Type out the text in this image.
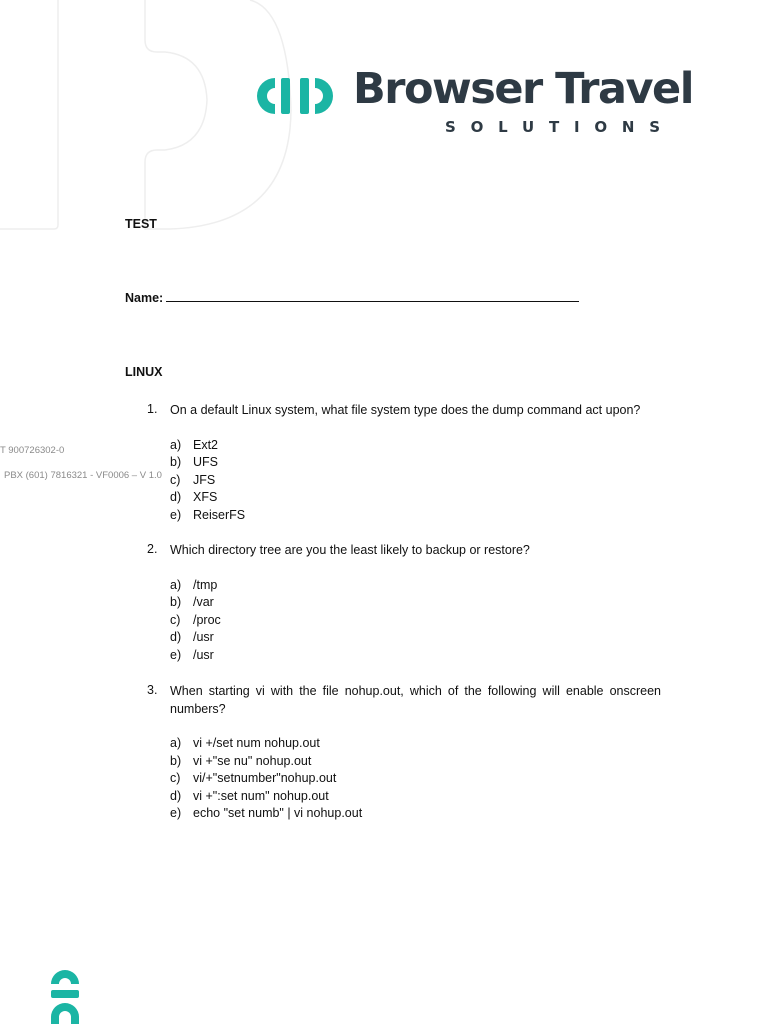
Browser Travel
SOLUTIONS
T 900726302-0
PBX (601) 7816321 - VF0006 – V 1.0
TEST
Name:
LINUX
1. On a default Linux system, what file system type does the dump command act upon?
a) Ext2
b) UFS
c) JFS
d) XFS
e) ReiserFS
2. Which directory tree are you the least likely to backup or restore?
a) /tmp
b) /var
c) /proc
d) /usr
e) /usr
3. When starting vi with the file nohup.out, which of the following will enable onscreen numbers?
a) vi +/set num nohup.out
b) vi +"se nu" nohup.out
c) vi/+"setnumber"nohup.out
d) vi +":set num" nohup.out
e) echo "set numb" | vi nohup.out
